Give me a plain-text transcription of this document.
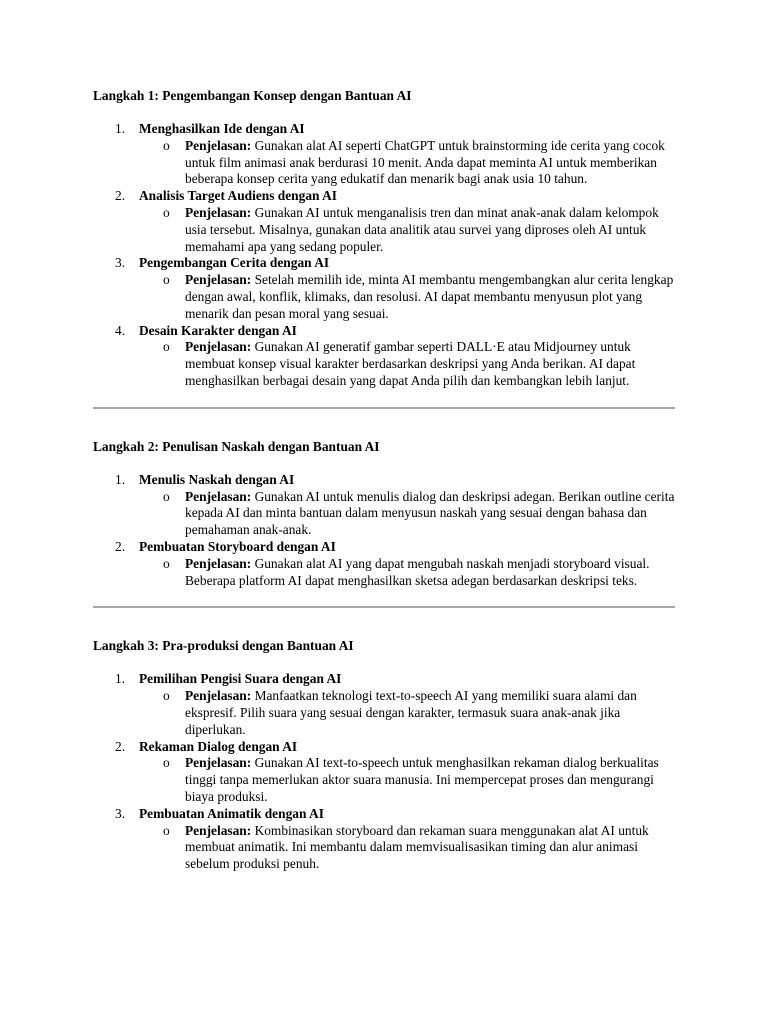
Langkah 1: Pengembangan Konsep dengan Bantuan AI

1.	Menghasilkan Ide dengan AI
o Penjelasan: Gunakan alat AI seperti ChatGPT untuk brainstorming ide cerita yang cocok untuk film animasi anak berdurasi 10 menit. Anda dapat meminta AI untuk memberikan beberapa konsep cerita yang edukatif dan menarik bagi anak usia 10 tahun.
2.	Analisis Target Audiens dengan AI
o Penjelasan: Gunakan AI untuk menganalisis tren dan minat anak-anak dalam kelompok usia tersebut. Misalnya, gunakan data analitik atau survei yang diproses oleh AI untuk memahami apa yang sedang populer.
3.	Pengembangan Cerita dengan AI
o Penjelasan: Setelah memilih ide, minta AI membantu mengembangkan alur cerita lengkap dengan awal, konflik, klimaks, dan resolusi. AI dapat membantu menyusun plot yang menarik dan pesan moral yang sesuai.
4.	Desain Karakter dengan AI
o Penjelasan: Gunakan AI generatif gambar seperti DALL·E atau Midjourney untuk membuat konsep visual karakter berdasarkan deskripsi yang Anda berikan. AI dapat menghasilkan berbagai desain yang dapat Anda pilih dan kembangkan lebih lanjut.

Langkah 2: Penulisan Naskah dengan Bantuan AI

1.	Menulis Naskah dengan AI
o Penjelasan: Gunakan AI untuk menulis dialog dan deskripsi adegan. Berikan outline cerita kepada AI dan minta bantuan dalam menyusun naskah yang sesuai dengan bahasa dan pemahaman anak-anak.
2.	Pembuatan Storyboard dengan AI
o Penjelasan: Gunakan alat AI yang dapat mengubah naskah menjadi storyboard visual. Beberapa platform AI dapat menghasilkan sketsa adegan berdasarkan deskripsi teks.

Langkah 3: Pra-produksi dengan Bantuan AI

1.	Pemilihan Pengisi Suara dengan AI
o Penjelasan: Manfaatkan teknologi text-to-speech AI yang memiliki suara alami dan ekspresif. Pilih suara yang sesuai dengan karakter, termasuk suara anak-anak jika diperlukan.
2.	Rekaman Dialog dengan AI
o Penjelasan: Gunakan AI text-to-speech untuk menghasilkan rekaman dialog berkualitas tinggi tanpa memerlukan aktor suara manusia. Ini mempercepat proses dan mengurangi biaya produksi.
3.	Pembuatan Animatik dengan AI
o Penjelasan: Kombinasikan storyboard dan rekaman suara menggunakan alat AI untuk membuat animatik. Ini membantu dalam memvisualisasikan timing dan alur animasi sebelum produksi penuh.
